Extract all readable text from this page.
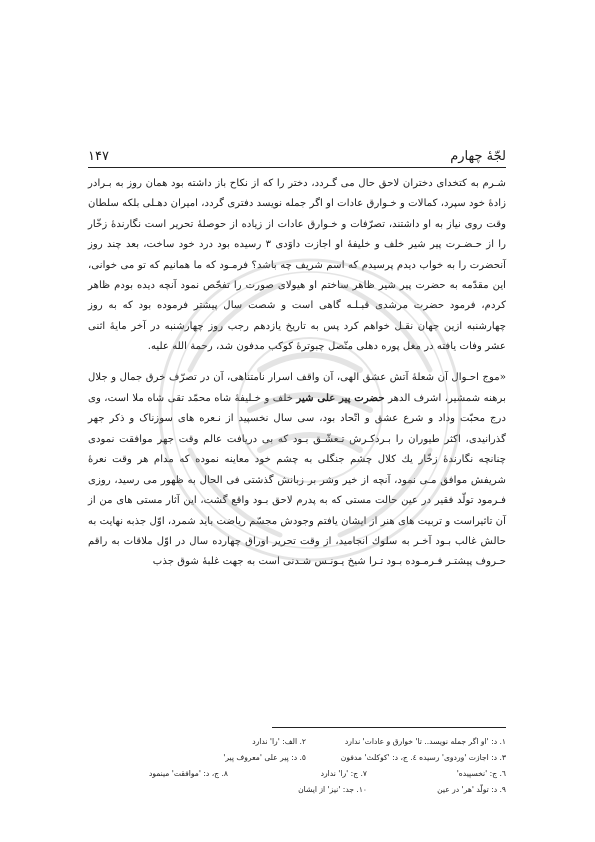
لجّهٔ چهارم
۱۴۷

شـرم به کتخدای دختران لاحق حال می گـردد، دختر را که از نکاح باز داشته بود همان روز به بـرادر زادهٔ خود سپرد، کمالات و خـوارق عادات او اگر جمله نویسد دفتری گردد، امیران دهـلی بلکه سلطان وقت روی نیاز به او داشتند، تصرّفات و خـوارق عادات از زیاده از حوصلهٔ تحریر است نگارندهٔ زخّار را از حـضـرت پیر شیر خلف و خلیفهٔ او اجازت داوَدی ۳ رسیده بود درد خود ساخت، بعد چند روز آنحضرت را به خواب دیدم پرسیدم که اسم شریف چه باشد؟ فرمـود که ما همانیم که تو می خوانی، این مقدّمه به حضرت پیر شیر ظاهر ساختم او هیولای صورت را تفحّص نمود آنچه دیده بودم ظاهر کردم، فرمود حضرت مرشدی قبـلـه گاهی است و شصت سال پیشتر فرموده بود که به روز چهارشنبه ازین جهان نقـل خواهم کرد پس به تاریخ یازدهم رجب روز چهارشنبه در آخر مایهٔ اثنی عشر وفات یافته در مغل پوره دهلی متّصل چبوترهٔ کوکب مدفون شد، رحمة الله علیه.

«موج احـوال آن شعلهٔ آتش عشق الهی، آن واقف اسرار نامتناهی، آن در تصرّف خرق جمال و جلال برهنه شمشیر، اشرف الدهر حضرت پیر علی شیر خلف و خـلیفهٔ شاه محمّد تقی شاه ملا است، وی درج محبّت وداد و شرع عشق و اتّحاد بود، سی سال نخسپید از نـعره های سوزناک و ذکر جهر گذرانیدی، اکثر طیوران را بـردکـرش تـعشّـق بـود که بی دریافت عالم وقت جهر موافقت نمودی چنانچه نگارندهٔ زخّار یك کلال چشم جنگلی به چشم خود معاینه نموده که مدام هر وقت نعرهٔ شریفش موافق مـی نمود، آنچه از خیر وشر بر زبانش گذشتی فی الحال به ظهور می رسید، روزی فـرمود تولّد فقیر در عین حالت مستی که به پدرم لاحق بـود واقع گشت، این آثار مستی های من از آن تاثیراست و تربیت های هنر از ایشان یافتم وجودش مجسّم ریاضت باید شمرد، اوّل جذبه نهایت به حالش غالب بـود آخـر به سلوك انجامید، از وقت تحریر اوراق چهارده سال در اوّل ملاقات به راقم حـروف پیشتـر فـرمـوده بـود تـرا شیخ یـونـس شـدنی است به جهت غلبهٔ شوق جذب

۱. د: 'او اگر جمله نویسد.. تا' خوارق و عادات' ندارد
۲. الف: 'را' ندارد
۳. د: اجازت 'وردوی' رسیده ٤. ج، د: 'کوکلث' مدفون
٥. د: پیر علی 'معروف پیر'
٦. ج: 'نخسپیده'
۷. ج: 'را' ندارد
۸. ج، د: 'موافقت' مینمود
۹. د: تولّد 'هر' در عین
۱۰. جد: 'نیز' از ایشان
